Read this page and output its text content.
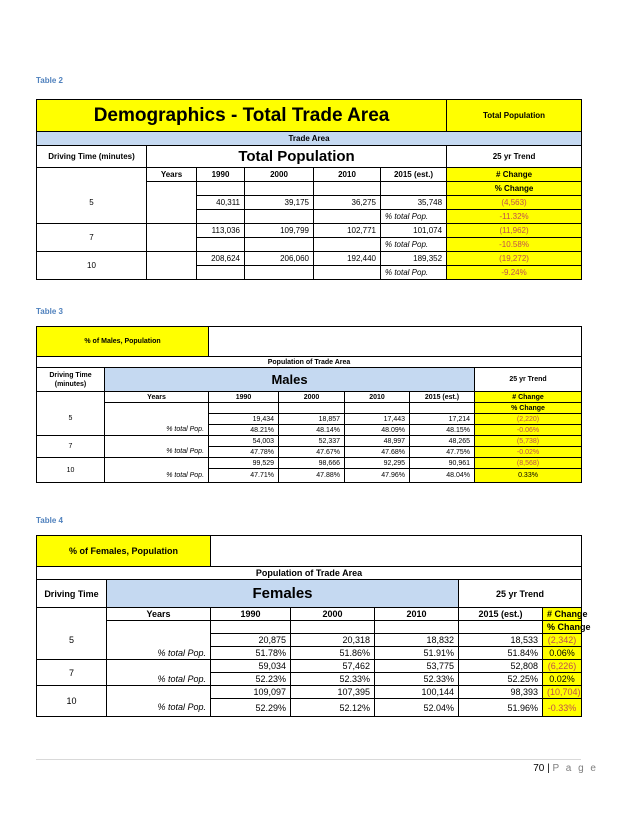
Table 2
Demographics - Total Trade Area						Total Population
Trade Area						
Driving Time (minutes)	Total Population					25 yr Trend
	Years	1990	2000	2010	2015 (est.)	# Change
5						% Change
		40,311	39,175	36,275	35,748	(4,563)
					% total Pop.	-11.32%
7		113,036	109,799	102,771	101,074	(11,962)
					% total Pop.	-10.58%
10		208,624	206,060	192,440	189,352	(19,272)
					% total Pop.	-9.24%
Table 3
% of Males, Population						
Population of Trade Area						
Driving Time (minutes)	Males					25 yr Trend
	Years	1990	2000	2010	2015 (est.)	# Change
5						% Change
		19,434	18,857	17,443	17,214	(2,220)
	% total Pop.	48.21%	48.14%	48.09%	48.15%	-0.06%
7		54,003	52,337	48,997	48,265	(5,738)
	% total Pop.	47.78%	47.67%	47.68%	47.75%	-0.02%
10		99,529	98,666	92,295	90,961	(8,568)
	% total Pop.	47.71%	47.88%	47.96%	48.04%	0.33%
Table 4
% of Females, Population						
Population of Trade Area						
Driving Time	Females				25 yr Trend	
	Years	1990	2000	2010	2015 (est.)	# Change
5						% Change
		20,875	20,318	18,832	18,533	(2,342)
	% total Pop.	51.78%	51.86%	51.91%	51.84%	0.06%
7		59,034	57,462	53,775	52,808	(6,226)
	% total Pop.	52.23%	52.33%	52.33%	52.25%	0.02%
10		109,097	107,395	100,144	98,393	(10,704)
	% total Pop.	52.29%	52.12%	52.04%	51.96%	-0.33%
70 | P a g e
